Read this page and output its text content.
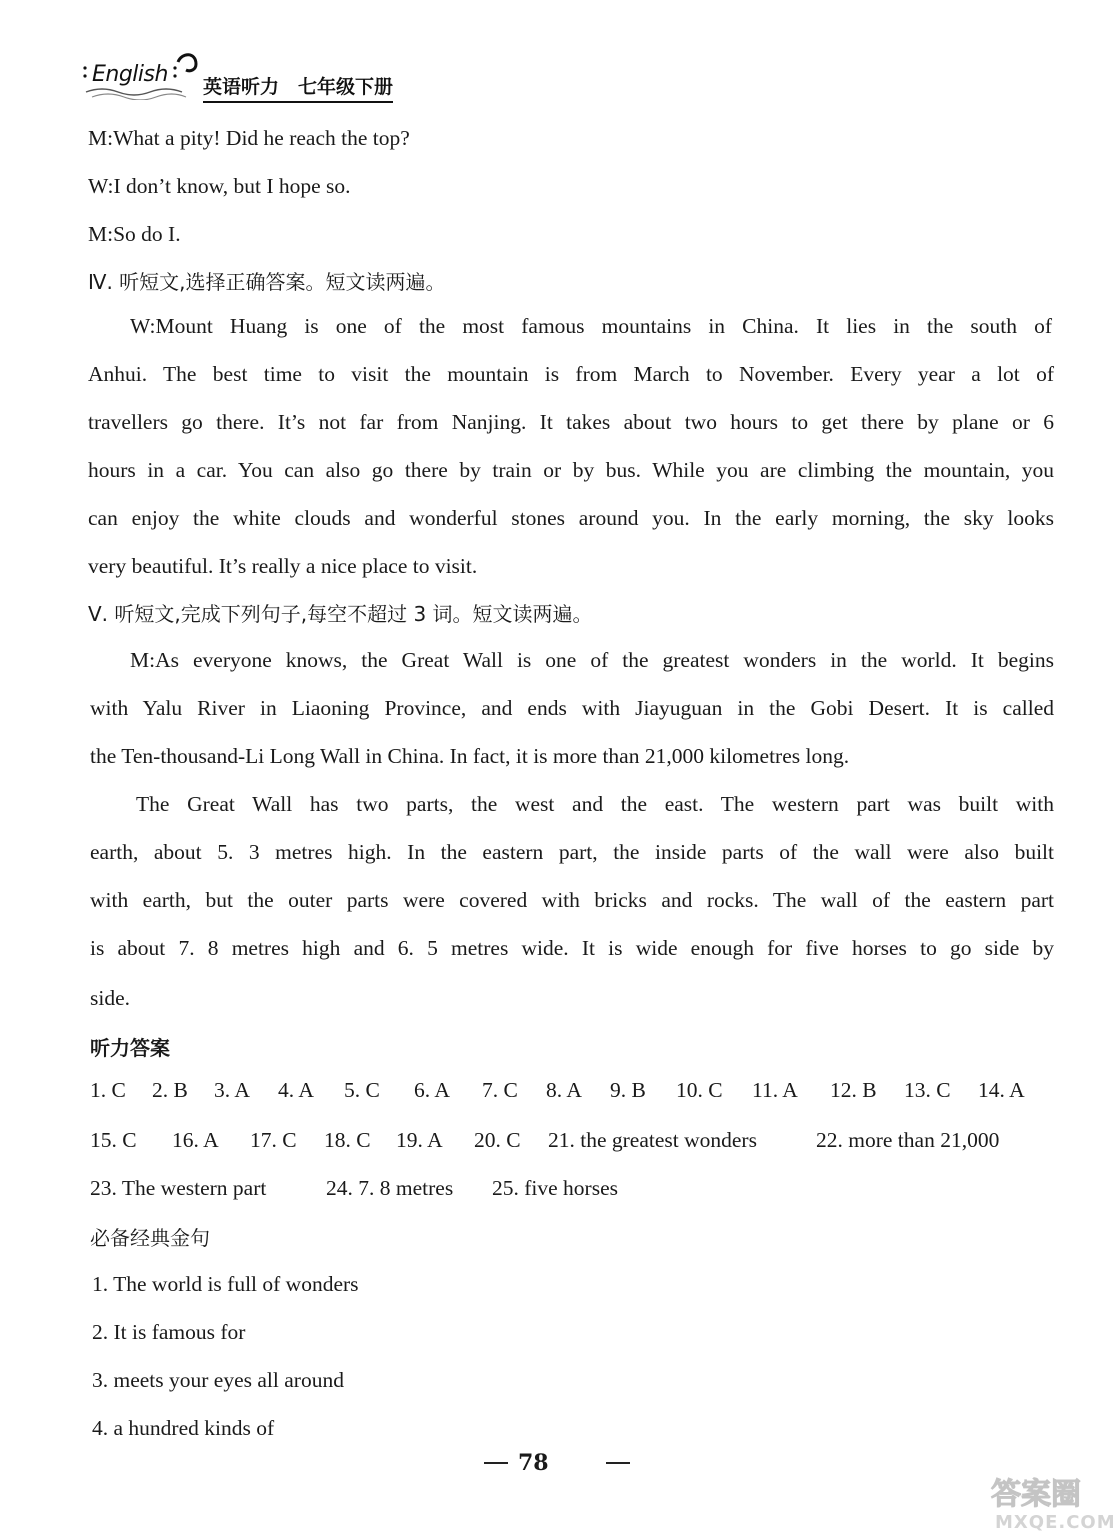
English 英语听力　七年级下册
M:What a pity! Did he reach the top?
W:I don’t know, but I hope so.
M:So do I.
Ⅳ. 听短文,选择正确答案。短文读两遍。
W:Mount Huang is one of the most famous mountains in China. It lies in the south of
Anhui. The best time to visit the mountain is from March to November. Every year a lot of
travellers go there. It’s not far from Nanjing. It takes about two hours to get there by plane or 6
hours in a car. You can also go there by train or by bus. While you are climbing the mountain, you
can enjoy the white clouds and wonderful stones around you. In the early morning, the sky looks
very beautiful. It’s really a nice place to visit.
Ⅴ. 听短文,完成下列句子,每空不超过 3 词。短文读两遍。
M:As everyone knows, the Great Wall is one of the greatest wonders in the world. It begins
with Yalu River in Liaoning Province, and ends with Jiayuguan in the Gobi Desert. It is called
the Ten-thousand-Li Long Wall in China. In fact, it is more than 21,000 kilometres long.
The Great Wall has two parts, the west and the east. The western part was built with
earth, about 5. 3 metres high. In the eastern part, the inside parts of the wall were also built
with earth, but the outer parts were covered with bricks and rocks. The wall of the eastern part
is about 7. 8 metres high and 6. 5 metres wide. It is wide enough for five horses to go side by
side.
听力答案
1. C 2. B 3. A 4. A 5. C 6. A 7. C 8. A 9. B 10. C 11. A 12. B 13. C 14. A
15. C 16. A 17. C 18. C 19. A 20. C 21. the greatest wonders	22. more than 21,000
23. The western part	24. 7. 8 metres 25. five horses
必备经典金句
1. The world is full of wonders
2. It is famous for
3. meets your eyes all around
4. a hundred kinds of
78
答案圈
MXQE.COM
